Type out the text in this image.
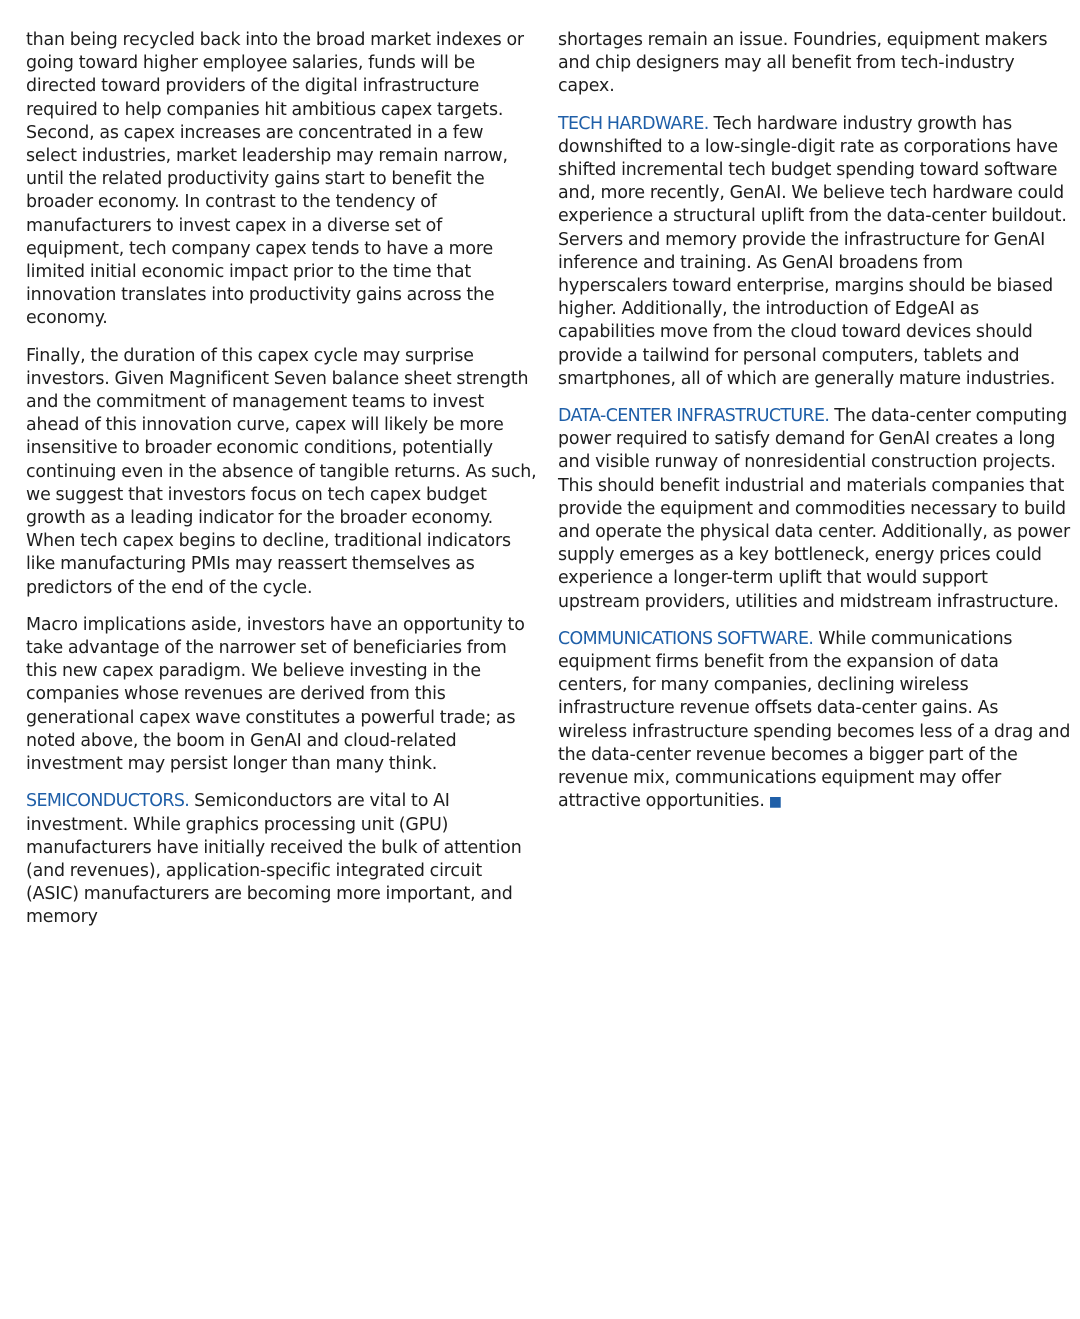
than being recycled back into the broad market indexes or going toward higher employee salaries, funds will be directed toward providers of the digital infrastructure required to help companies hit ambitious capex targets. Second, as capex increases are concentrated in a few select industries, market leadership may remain narrow, until the related productivity gains start to benefit the broader economy. In contrast to the tendency of manufacturers to invest capex in a diverse set of equipment, tech company capex tends to have a more limited initial economic impact prior to the time that innovation translates into productivity gains across the economy.

Finally, the duration of this capex cycle may surprise investors. Given Magnificent Seven balance sheet strength and the commitment of management teams to invest ahead of this innovation curve, capex will likely be more insensitive to broader economic conditions, potentially continuing even in the absence of tangible returns. As such, we suggest that investors focus on tech capex budget growth as a leading indicator for the broader economy. When tech capex begins to decline, traditional indicators like manufacturing PMIs may reassert themselves as predictors of the end of the cycle.

Macro implications aside, investors have an opportunity to take advantage of the narrower set of beneficiaries from this new capex paradigm. We believe investing in the companies whose revenues are derived from this generational capex wave constitutes a powerful trade; as noted above, the boom in GenAI and cloud-related investment may persist longer than many think.

SEMICONDUCTORS. Semiconductors are vital to AI investment. While graphics processing unit (GPU) manufacturers have initially received the bulk of attention (and revenues), application-specific integrated circuit (ASIC) manufacturers are becoming more important, and memory

shortages remain an issue. Foundries, equipment makers and chip designers may all benefit from tech-industry capex.

TECH HARDWARE. Tech hardware industry growth has downshifted to a low-single-digit rate as corporations have shifted incremental tech budget spending toward software and, more recently, GenAI. We believe tech hardware could experience a structural uplift from the data-center buildout. Servers and memory provide the infrastructure for GenAI inference and training. As GenAI broadens from hyperscalers toward enterprise, margins should be biased higher. Additionally, the introduction of EdgeAI as capabilities move from the cloud toward devices should provide a tailwind for personal computers, tablets and smartphones, all of which are generally mature industries.

DATA-CENTER INFRASTRUCTURE. The data-center computing power required to satisfy demand for GenAI creates a long and visible runway of nonresidential construction projects. This should benefit industrial and materials companies that provide the equipment and commodities necessary to build and operate the physical data center. Additionally, as power supply emerges as a key bottleneck, energy prices could experience a longer-term uplift that would support upstream providers, utilities and midstream infrastructure.

COMMUNICATIONS SOFTWARE. While communications equipment firms benefit from the expansion of data centers, for many companies, declining wireless infrastructure revenue offsets data-center gains. As wireless infrastructure spending becomes less of a drag and the data-center revenue becomes a bigger part of the revenue mix, communications equipment may offer attractive opportunities. ■
